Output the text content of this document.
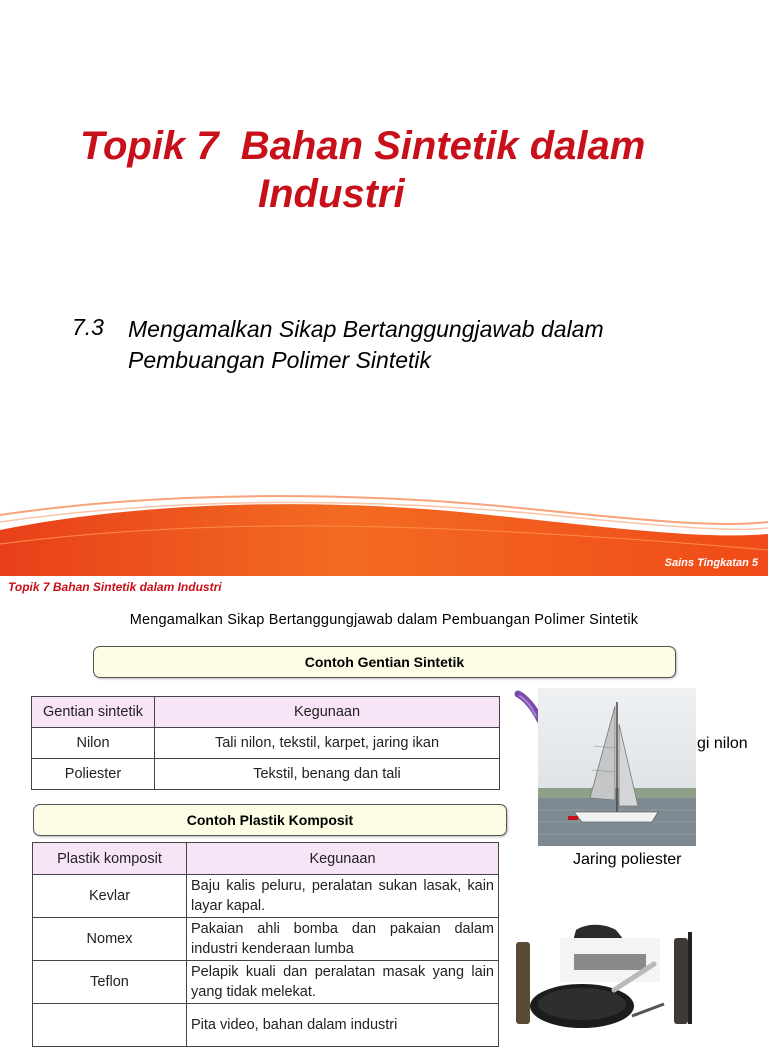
Topik 7  Bahan Sintetik dalam
Industri
7.3 Mengamalkan Sikap Bertanggungjawab dalam
Pembuangan Polimer Sintetik
Sains Tingkatan 5
Topik 7 Bahan Sintetik dalam Industri
Mengamalkan Sikap Bertanggungjawab dalam Pembuangan Polimer Sintetik
Contoh Gentian Sintetik
Gentian sintetik	Kegunaan
Nilon	Tali nilon, tekstil, karpet, jaring ikan
Poliester	Tekstil, benang dan tali
Contoh Plastik Komposit
Plastik komposit	Kegunaan
Kevlar	Baju kalis peluru, peralatan sukan lasak, kain layar kapal.
Nomex	Pakaian ahli bomba dan pakaian dalam industri kenderaan lumba
Teflon	Pelapik kuali dan peralatan masak yang lain yang tidak melekat.
	Pita video, bahan dalam industri
gi nilon
Jaring poliester
